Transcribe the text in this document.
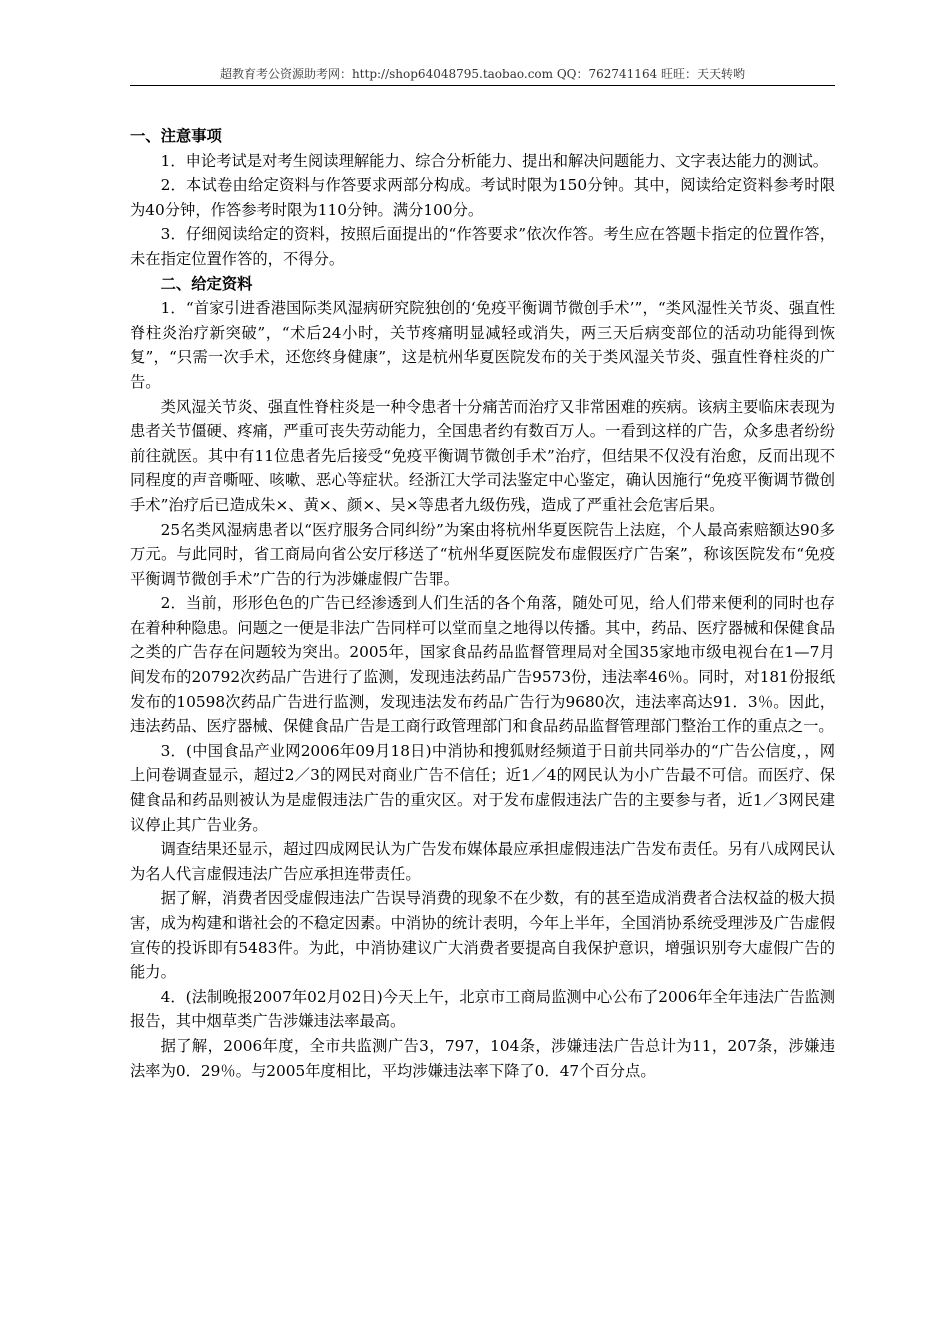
超教育考公资源助考网：http://shop64048795.taobao.com QQ：762741164 旺旺：天天转哟
一、注意事项

1．申论考试是对考生阅读理解能力、综合分析能力、提出和解决问题能力、文字表达能力的测试。

2．本试卷由给定资料与作答要求两部分构成。考试时限为150分钟。其中，阅读给定资料参考时限为40分钟，作答参考时限为110分钟。满分100分。

3．仔细阅读给定的资料，按照后面提出的“作答要求”依次作答。考生应在答题卡指定的位置作答，未在指定位置作答的，不得分。

二、给定资料

1．“首家引进香港国际类风湿病研究院独创的‘免疫平衡调节微创手术’”，“类风湿性关节炎、强直性脊柱炎治疗新突破”，“术后24小时，关节疼痛明显减轻或消失，两三天后病变部位的活动功能得到恢复”，“只需一次手术，还您终身健康”，这是杭州华夏医院发布的关于类风湿关节炎、强直性脊柱炎的广告。

类风湿关节炎、强直性脊柱炎是一种令患者十分痛苦而治疗又非常困难的疾病。该病主要临床表现为患者关节僵硬、疼痛，严重可丧失劳动能力，全国患者约有数百万人。一看到这样的广告，众多患者纷纷前往就医。其中有11位患者先后接受“免疫平衡调节微创手术”治疗，但结果不仅没有治愈，反而出现不同程度的声音嘶哑、咳嗽、恶心等症状。经浙江大学司法鉴定中心鉴定，确认因施行“免疫平衡调节微创手术”治疗后已造成朱×、黄×、颜×、吴×等患者九级伤残，造成了严重社会危害后果。

25名类风湿病患者以“医疗服务合同纠纷”为案由将杭州华夏医院告上法庭，个人最高索赔额达90多万元。与此同时，省工商局向省公安厅移送了“杭州华夏医院发布虚假医疗广告案”，称该医院发布“免疫平衡调节微创手术”广告的行为涉嫌虚假广告罪。

2．当前，形形色色的广告已经渗透到人们生活的各个角落，随处可见，给人们带来便利的同时也存在着种种隐患。问题之一便是非法广告同样可以堂而皇之地得以传播。其中，药品、医疗器械和保健食品之类的广告存在问题较为突出。2005年，国家食品药品监督管理局对全国35家地市级电视台在1—7月间发布的20792次药品广告进行了监测，发现违法药品广告9573份，违法率46％。同时，对181份报纸发布的10598次药品广告进行监测，发现违法发布药品广告行为9680次，违法率高达91．3％。因此，违法药品、医疗器械、保健食品广告是工商行政管理部门和食品药品监督管理部门整治工作的重点之一。

3．(中国食品产业网2006年09月18日)中消协和搜狐财经频道于日前共同举办的“广告公信度，，网上问卷调查显示，超过2／3的网民对商业广告不信任；近1／4的网民认为小广告最不可信。而医疗、保健食品和药品则被认为是虚假违法广告的重灾区。对于发布虚假违法广告的主要参与者，近1／3网民建议停止其广告业务。

调查结果还显示，超过四成网民认为广告发布媒体最应承担虚假违法广告发布责任。另有八成网民认为名人代言虚假违法广告应承担连带责任。

据了解，消费者因受虚假违法广告误导消费的现象不在少数，有的甚至造成消费者合法权益的极大损害，成为构建和谐社会的不稳定因素。中消协的统计表明，今年上半年，全国消协系统受理涉及广告虚假宣传的投诉即有5483件。为此，中消协建议广大消费者要提高自我保护意识，增强识别夸大虚假广告的能力。

4．(法制晚报2007年02月02日)今天上午，北京市工商局监测中心公布了2006年全年违法广告监测报告，其中烟草类广告涉嫌违法率最高。

据了解，2006年度，全市共监测广告3，797，104条，涉嫌违法广告总计为11，207条，涉嫌违法率为0．29％。与2005年度相比，平均涉嫌违法率下降了0．47个百分点。
